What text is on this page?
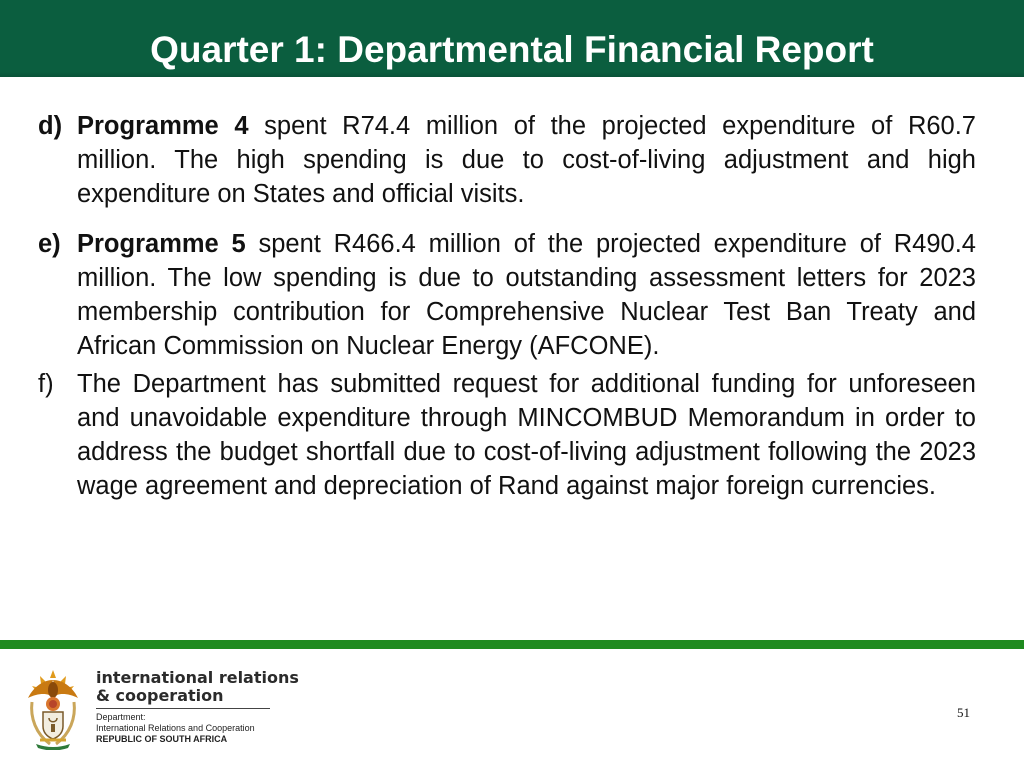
Quarter 1: Departmental Financial Report
d) Programme 4 spent R74.4 million of the projected expenditure of R60.7 million. The high spending is due to cost-of-living adjustment and high expenditure on States and official visits.

e) Programme 5 spent R466.4 million of the projected expenditure of R490.4 million. The low spending is due to outstanding assessment letters for 2023 membership contribution for Comprehensive Nuclear Test Ban Treaty and African Commission on Nuclear Energy (AFCONE).

f) The Department has submitted request for additional funding for unforeseen and unavoidable expenditure through MINCOMBUD Memorandum in order to address the budget shortfall due to cost-of-living adjustment following the 2023 wage agreement and depreciation of Rand against major foreign currencies.

international relations
& cooperation
Department:
International Relations and Cooperation
REPUBLIC OF SOUTH AFRICA
51
